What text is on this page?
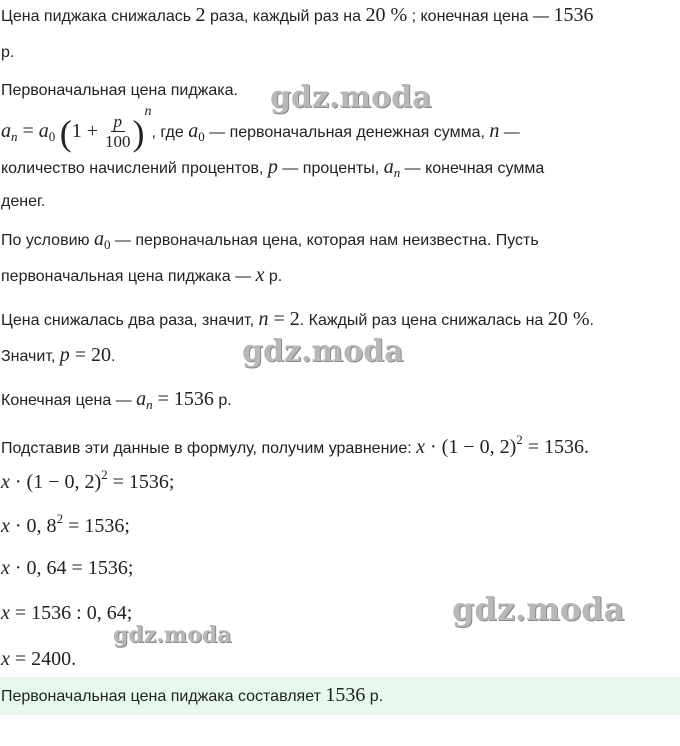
Цена пиджака снижалась 2 раза, каждый раз на 20 % ; конечная цена — 1536
р.
Первоначальная цена пиджака.
$a_n = a_0$ $(1 + \frac{p}{100} )n$, где $a_0$ — первоначальная денежная сумма, n —
количество начислений процентов, p — проценты, $a_n$ — конечная сумма
денег.
По условию $a_0$ — первоначальная цена, которая нам неизвестна. Пусть
первоначальная цена пиджака — x р.
Цена снижалась два раза, значит, n = 2. Каждый раз цена снижалась на 20 %.
Значит, p = 20.
Конечная цена — $a_n = 1536$ р.
Подставив эти данные в формулу, получим уравнение: x · (1 − 0, 2)$^2$ = 1536.
x · (1 − 0, 2)$^2$ = 1536;
x · 0, $8^2 = 1536$;
x · 0, 64 = 1536;
x = 1536 : 0, 64;
x = 2400.
Первоначальная цена пиджака составляет 1536 р.
gdz.moda
gdz.moda
gdz.moda
gdz.moda
